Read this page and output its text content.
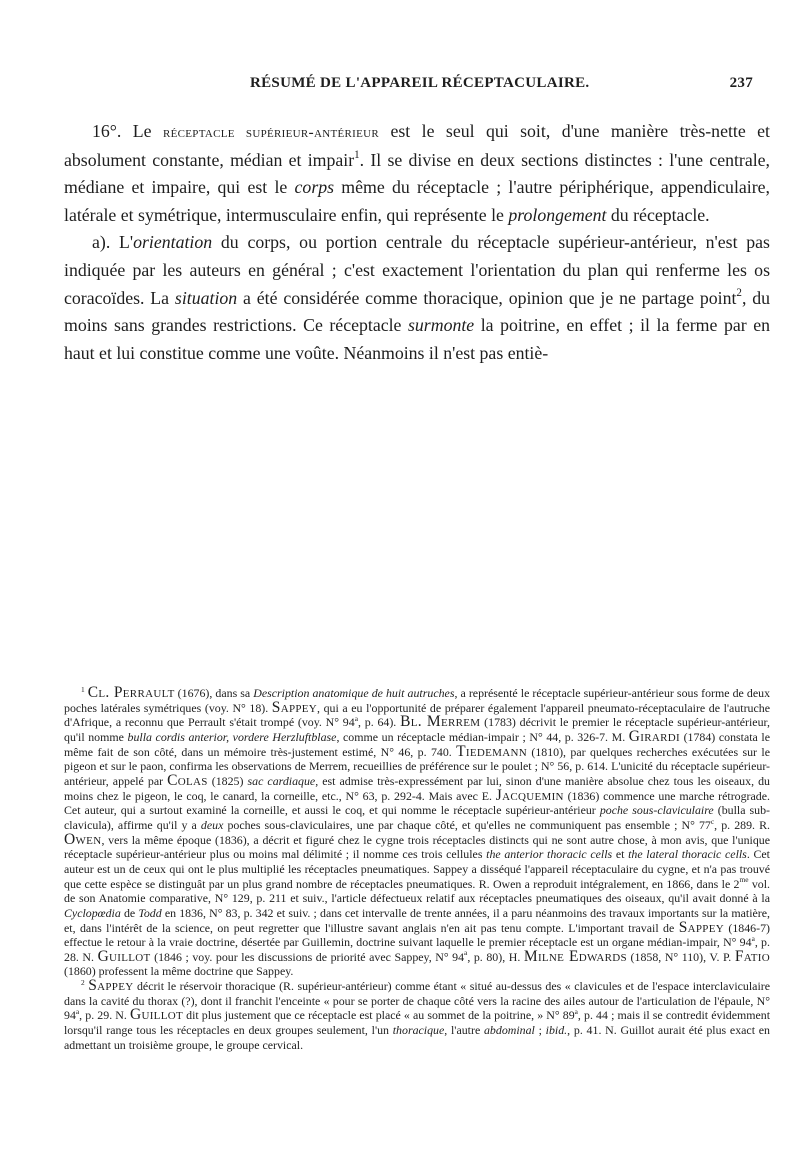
RÉSUMÉ DE L'APPAREIL RÉCEPTACULAIRE.	237

16°. Le réceptacle supérieur-antérieur est le seul qui soit, d'une manière très-nette et absolument constante, médian et impair$^1$. Il se divise en deux sections distinctes : l'une centrale, médiane et impaire, qui est le corps même du réceptacle ; l'autre périphérique, appendiculaire, latérale et symétrique, intermusculaire enfin, qui représente le prolongement du réceptacle.

a). L'orientation du corps, ou portion centrale du réceptacle supérieur-antérieur, n'est pas indiquée par les auteurs en général ; c'est exactement l'orientation du plan qui renferme les os coracoïdes. La situation a été considérée comme thoracique, opinion que je ne partage point$^2$, du moins sans grandes restrictions. Ce réceptacle surmonte la poitrine, en effet ; il la ferme par en haut et lui constitue comme une voûte. Néanmoins il n'est pas entiè-

$^1$ Cl. Perrault (1676), dans sa Description anatomique de huit autruches, a représenté le réceptacle supérieur-antérieur sous forme de deux poches latérales symétriques (voy. N° 18). Sappey, qui a eu l'opportunité de préparer également l'appareil pneumato-réceptaculaire de l'autruche d'Afrique, a reconnu que Perrault s'était trompé (voy. N° 94$^a$, p. 64). Bl. Merrem (1783) décrivit le premier le réceptacle supérieur-antérieur, qu'il nomme bulla cordis anterior, vordere Herzluftblase, comme un réceptacle médian-impair ; N° 44, p. 326-7. M. Girardi (1784) constata le même fait de son côté, dans un mémoire très-justement estimé, N° 46, p. 740. Tiedemann (1810), par quelques recherches exécutées sur le pigeon et sur le paon, confirma les observations de Merrem, recueillies de préférence sur le poulet ; N° 56, p. 614. L'unicité du réceptacle supérieur-antérieur, appelé par Colas (1825) sac cardiaque, est admise très-expressément par lui, sinon d'une manière absolue chez tous les oiseaux, du moins chez le pigeon, le coq, le canard, la corneille, etc., N° 63, p. 292-4. Mais avec E. Jacquemin (1836) commence une marche rétrograde. Cet auteur, qui a surtout examiné la corneille, et aussi le coq, et qui nomme le réceptacle supérieur-antérieur poche sous-claviculaire (bulla sub-clavicula), affirme qu'il y a deux poches sous-claviculaires, une par chaque côté, et qu'elles ne communiquent pas ensemble ; N° 77$^c$, p. 289. R. Owen, vers la même époque (1836), a décrit et figuré chez le cygne trois réceptacles distincts qui ne sont autre chose, à mon avis, que l'unique réceptacle supérieur-antérieur plus ou moins mal délimité ; il nomme ces trois cellules the anterior thoracic cells et the lateral thoracic cells. Cet auteur est un de ceux qui ont le plus multiplié les réceptacles pneumatiques. Sappey a disséqué l'appareil réceptaculaire du cygne, et n'a pas trouvé que cette espèce se distinguât par un plus grand nombre de réceptacles pneumatiques. R. Owen a reproduit intégralement, en 1866, dans le $2^{me}$ vol. de son Anatomie comparative, N° 129, p. 211 et suiv., l'article défectueux relatif aux réceptacles pneumatiques des oiseaux, qu'il avait donné à la Cyclopœdia de Todd en 1836, N° 83, p. 342 et suiv. ; dans cet intervalle de trente années, il a paru néanmoins des travaux importants sur la matière, et, dans l'intérêt de la science, on peut regretter que l'illustre savant anglais n'en ait pas tenu compte. L'important travail de Sappey (1846-7) effectue le retour à la vraie doctrine, désertée par Guillemin, doctrine suivant laquelle le premier réceptacle est un organe médian-impair, N° 94$^a$, p. 28. N. Guillot (1846 ; voy. pour les discussions de priorité avec Sappey, N° 94$^a$, p. 80), H. Milne Edwards (1858, N° 110), V. P. Fatio (1860) professent la même doctrine que Sappey.

$^2$ Sappey décrit le réservoir thoracique (R. supérieur-antérieur) comme étant « situé au-dessus des « clavicules et de l'espace interclaviculaire dans la cavité du thorax (?), dont il franchit l'enceinte « pour se porter de chaque côté vers la racine des ailes autour de l'articulation de l'épaule, N° 94$^a$, p. 29. N. Guillot dit plus justement que ce réceptacle est placé « au sommet de la poitrine, » N° 89$^a$, p. 44 ; mais il se contredit évidemment lorsqu'il range tous les réceptacles en deux groupes seulement, l'un thoracique, l'autre abdominal ; ibid., p. 41. N. Guillot aurait été plus exact en admettant un troisième groupe, le groupe cervical.
